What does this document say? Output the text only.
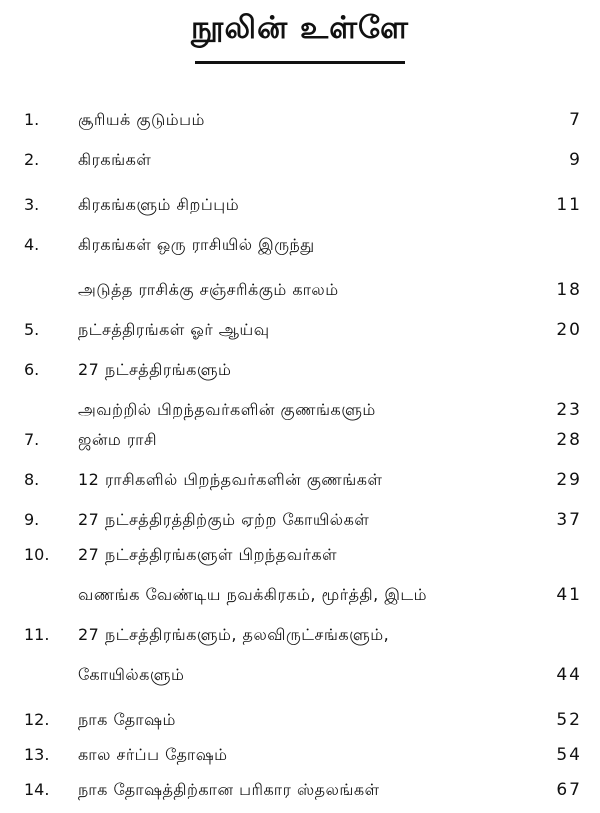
நூலின் உள்ளே
1. சூரியக் குடும்பம்	7
2. கிரகங்கள்	9
3. கிரகங்களும் சிறப்பும்	11
4. கிரகங்கள் ஒரு ராசியில் இருந்து
அடுத்த ராசிக்கு சஞ்சரிக்கும் காலம்	18
5. நட்சத்திரங்கள் ஓர் ஆய்வு	20
6. 27 நட்சத்திரங்களும்
அவற்றில் பிறந்தவர்களின் குணங்களும்	23
7. ஜன்ம ராசி	28
8. 12 ராசிகளில் பிறந்தவர்களின் குணங்கள்	29
9. 27 நட்சத்திரத்திற்கும் ஏற்ற கோயில்கள்	37
10. 27 நட்சத்திரங்களுள் பிறந்தவர்கள்
வணங்க வேண்டிய நவக்கிரகம், மூர்த்தி, இடம்	41
11. 27 நட்சத்திரங்களும், தலவிருட்சங்களும்,
கோயில்களும்	44
12. நாக தோஷம்	52
13. கால சர்ப்ப தோஷம்	54
14. நாக தோஷத்திற்கான பரிகார ஸ்தலங்கள்	67
